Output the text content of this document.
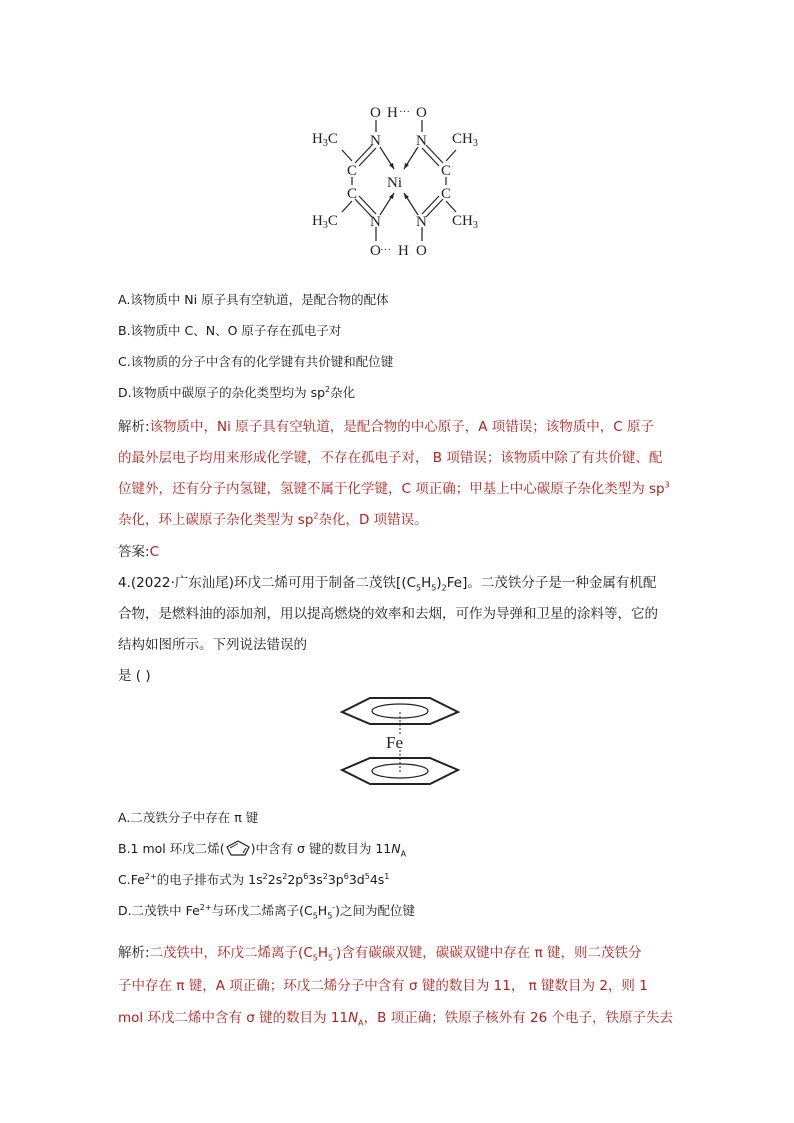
O H ··· O
N N
$H_3C$	$CH_3$
C	C
Ni
C	C
$H_3C$	$CH_3$
N N
O ··· H O
A.该物质中 Ni 原子具有空轨道，是配合物的配体
B.该物质中 C、N、O 原子存在孤电子对
C.该物质的分子中含有的化学键有共价键和配位键
D.该物质中碳原子的杂化类型均为 $sp^2$杂化
解析:该物质中，Ni 原子具有空轨道，是配合物的中心原子，A 项错误；该物质中，C 原子
的最外层电子均用来形成化学键，不存在孤电子对， B 项错误；该物质中除了有共价键、配
位键外，还有分子内氢键，氢键不属于化学键，C 项正确；甲基上中心碳原子杂化类型为 $sp^3$
杂化，环上碳原子杂化类型为 $sp^2$杂化，D 项错误。
答案:C
4.(2022·广东汕尾)环戊二烯可用于制备二茂铁$[(C_5H_5)_2Fe]$。二茂铁分子是一种金属有机配
合物，是燃料油的添加剂，用以提高燃烧的效率和去烟，可作为导弹和卫星的涂料等，它的
结构如图所示。下列说法错误的
是 ( )
Fe
A.二茂铁分子中存在 π 键
B.1 mol 环戊二烯( )中含有 σ 键的数目为 $11N_A$
$C.Fe^{2+}$的电子排布式为 $1s^22s^22p^63s^23p^63d^54s^1$
D.二茂铁中 $Fe^{2+}$与环戊二烯离子$(C_5H_5^-)$之间为配位键
解析:二茂铁中，环戊二烯离子$(C_5H_5^-)$含有碳碳双键，碳碳双键中存在 π 键，则二茂铁分
子中存在 π 键，A 项正确；环戊二烯分子中含有 σ 键的数目为 11， π 键数目为 2，则 1
mol 环戊二烯中含有 σ 键的数目为 $11N_A$，B 项正确；铁原子核外有 26 个电子，铁原子失去
